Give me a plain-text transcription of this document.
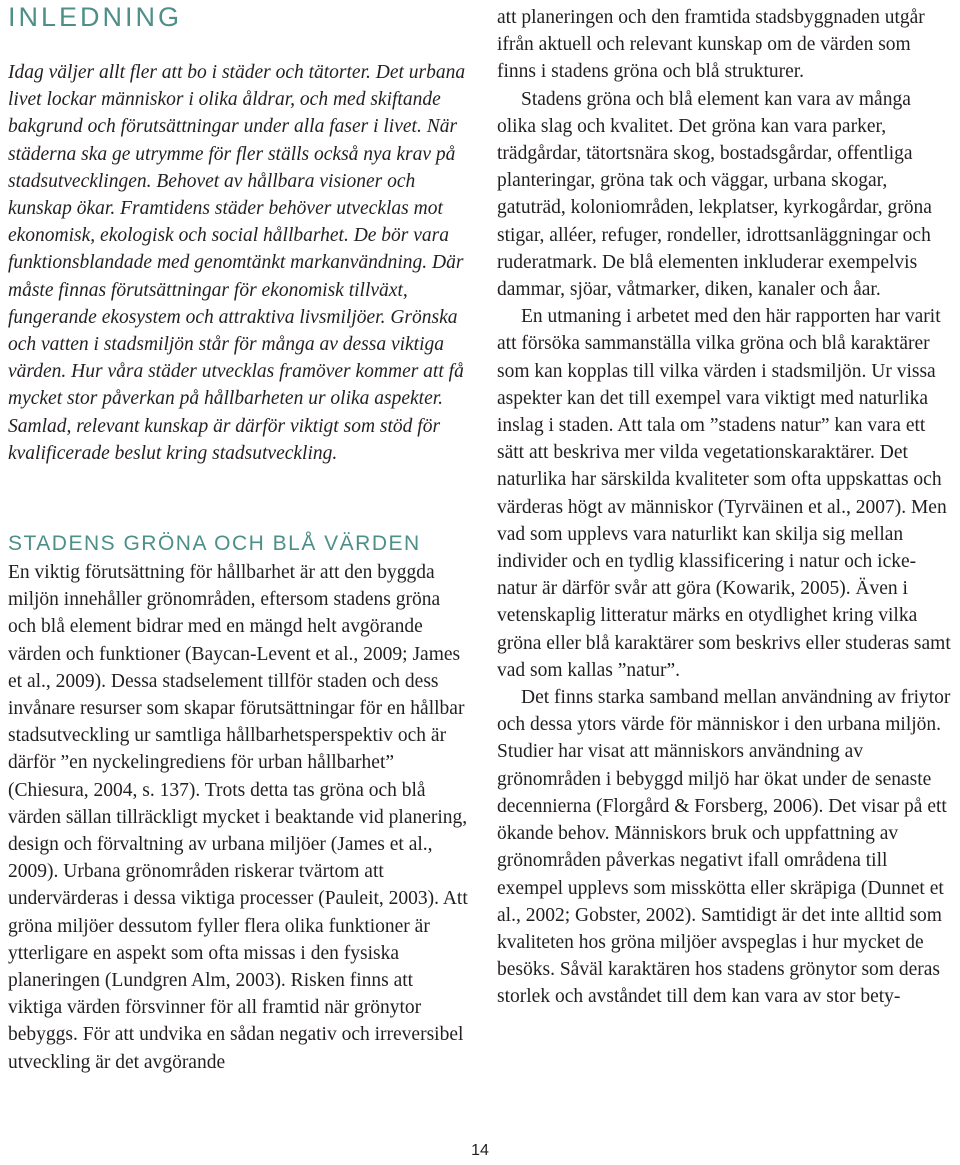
INLEDNING

Idag väljer allt fler att bo i städer och tätorter. Det urbana livet lockar människor i olika åldrar, och med skiftande bakgrund och förutsättningar under alla faser i livet. När städerna ska ge utrymme för fler ställs också nya krav på stadsutvecklingen. Behovet av hållbara visioner och kunskap ökar. Framtidens städer behöver utvecklas mot ekonomisk, ekologisk och social hållbarhet. De bör vara funktionsblandade med genomtänkt markanvändning. Där måste finnas förutsättningar för ekonomisk tillväxt, fungerande ekosystem och attraktiva livsmiljöer. Grönska och vatten i stadsmiljön står för många av dessa viktiga värden. Hur våra städer utvecklas framöver kommer att få mycket stor påverkan på hållbarheten ur olika aspekter. Samlad, relevant kunskap är därför viktigt som stöd för kvalificerade beslut kring stadsutveckling.

STADENS GRÖNA OCH BLÅ VÄRDEN

En viktig förutsättning för hållbarhet är att den byggda miljön innehåller grönområden, eftersom stadens gröna och blå element bidrar med en mängd helt avgörande värden och funktioner (Baycan-Levent et al., 2009; James et al., 2009). Dessa stadselement tillför staden och dess invånare resurser som skapar förutsättningar för en hållbar stadsutveckling ur samtliga hållbarhetsperspektiv och är därför ”en nyckelingrediens för urban hållbarhet” (Chiesura, 2004, s. 137). Trots detta tas gröna och blå värden sällan tillräckligt mycket i beaktande vid planering, design och förvaltning av urbana miljöer (James et al., 2009). Urbana grönområden riskerar tvärtom att undervärderas i dessa viktiga processer (Pauleit, 2003). Att gröna miljöer dessutom fyller flera olika funktioner är ytterligare en aspekt som ofta missas i den fysiska planeringen (Lundgren Alm, 2003). Risken finns att viktiga värden försvinner för all framtid när grönytor bebyggs. För att undvika en sådan negativ och irreversibel utveckling är det avgörande

att planeringen och den framtida stadsbyggnaden utgår ifrån aktuell och relevant kunskap om de värden som finns i stadens gröna och blå strukturer.

Stadens gröna och blå element kan vara av många olika slag och kvalitet. Det gröna kan vara parker, trädgårdar, tätortsnära skog, bostadsgårdar, offentliga planteringar, gröna tak och väggar, urbana skogar, gatuträd, koloniområden, lekplatser, kyrkogårdar, gröna stigar, alléer, refuger, rondeller, idrottsanläggningar och ruderatmark. De blå elementen inkluderar exempelvis dammar, sjöar, våtmarker, diken, kanaler och åar.

En utmaning i arbetet med den här rapporten har varit att försöka sammanställa vilka gröna och blå karaktärer som kan kopplas till vilka värden i stadsmiljön. Ur vissa aspekter kan det till exempel vara viktigt med naturlika inslag i staden. Att tala om ”stadens natur” kan vara ett sätt att beskriva mer vilda vegetationskaraktärer. Det naturlika har särskilda kvaliteter som ofta uppskattas och värderas högt av människor (Tyrväinen et al., 2007). Men vad som upplevs vara naturlikt kan skilja sig mellan individer och en tydlig klassificering i natur och icke-natur är därför svår att göra (Kowarik, 2005). Även i vetenskaplig litteratur märks en otydlighet kring vilka gröna eller blå karaktärer som beskrivs eller studeras samt vad som kallas ”natur”.

Det finns starka samband mellan användning av friytor och dessa ytors värde för människor i den urbana miljön. Studier har visat att människors användning av grönområden i bebyggd miljö har ökat under de senaste decennierna (Florgård & Forsberg, 2006). Det visar på ett ökande behov. Människors bruk och uppfattning av grönområden påverkas negativt ifall områdena till exempel upplevs som misskötta eller skräpiga (Dunnet et al., 2002; Gobster, 2002). Samtidigt är det inte alltid som kvaliteten hos gröna miljöer avspeglas i hur mycket de besöks. Såväl karaktären hos stadens grönytor som deras storlek och avståndet till dem kan vara av stor bety-

14
